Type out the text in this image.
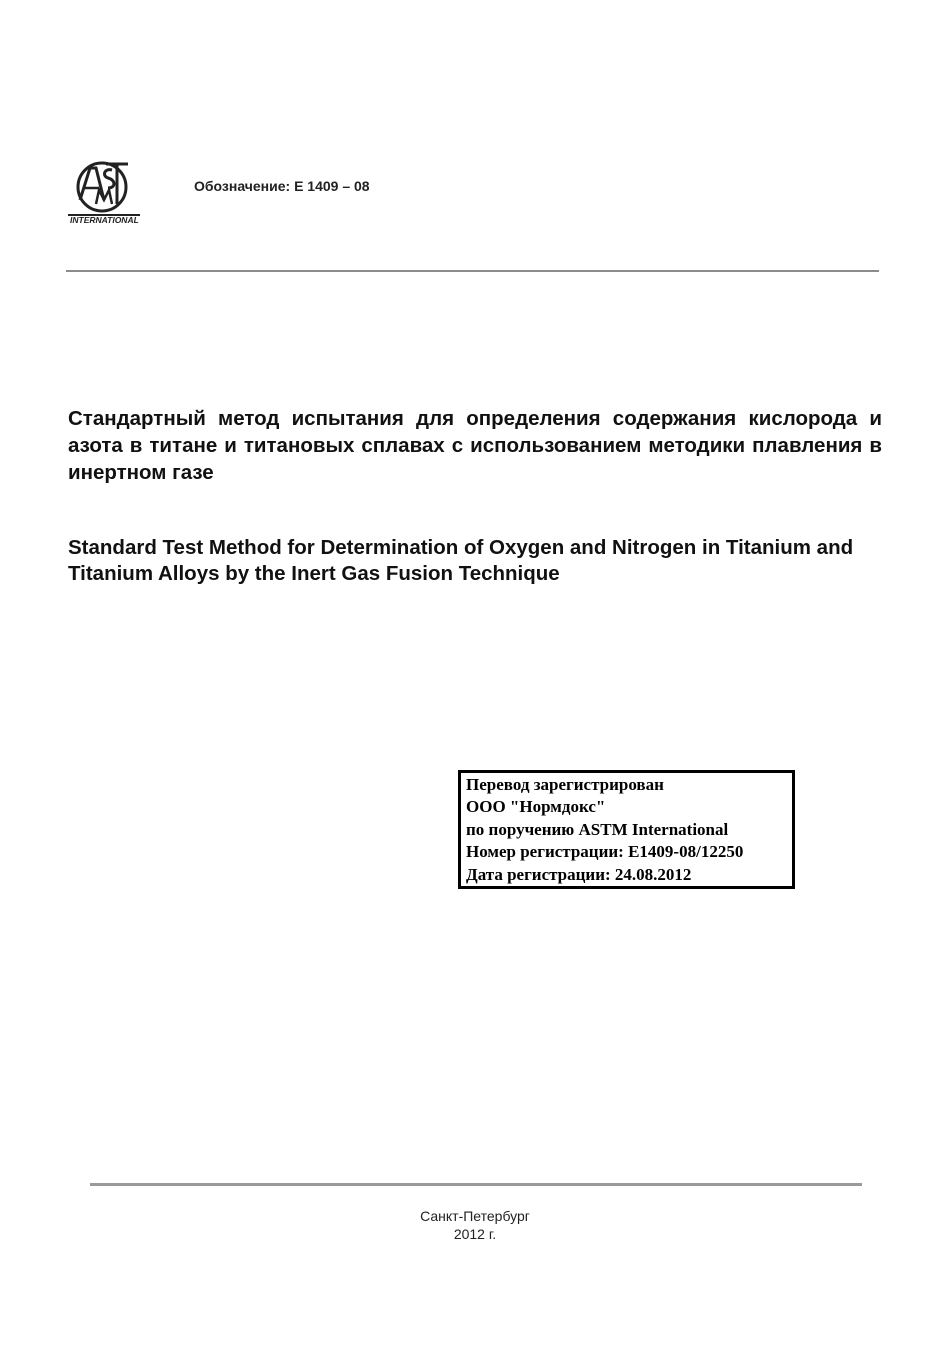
INTERNATIONAL
Обозначение: E 1409 – 08
Стандартный метод испытания для определения содержания кислорода и азота в титане и титановых сплавах с использованием методики плавления в инертном газе
Standard Test Method for Determination of Oxygen and Nitrogen in Titanium and Titanium Alloys by the Inert Gas Fusion Technique
Перевод зарегистрирован
ООО "Нормдокс"
по поручению ASTM International
Номер регистрации: E1409-08/12250
Дата регистрации: 24.08.2012
Санкт-Петербург
2012 г.
